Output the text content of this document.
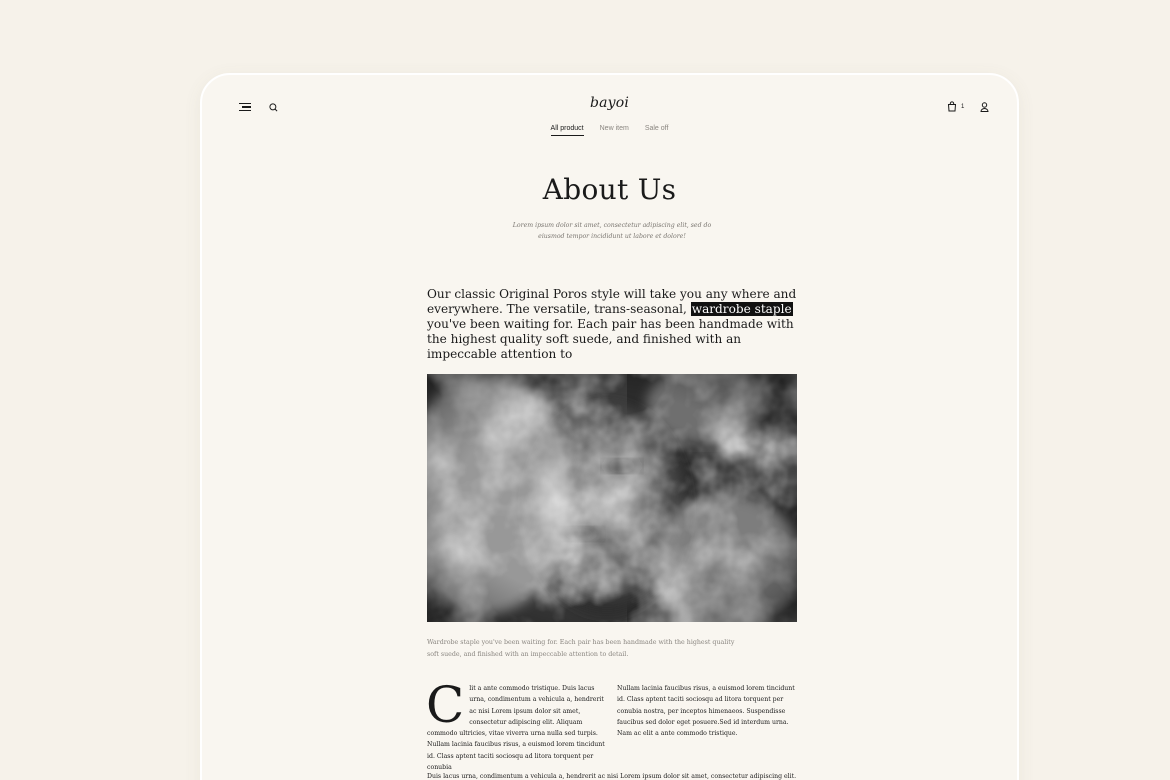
bayoi	1
All product New item Sale off
About Us

Lorem ipsum dolor sit amet, consectetur adipiscing elit, sed do eiusmod tempor incididunt ut labore et dolore!

Our classic Original Poros style will take you any where and everywhere. The versatile, trans-seasonal, wardrobe staple you've been waiting for. Each pair has been handmade with the highest quality soft suede, and finished with an impeccable attention to

Wardrobe staple you've been waiting for. Each pair has been handmade with the highest quality soft suede, and finished with an impeccable attention to detail.

C lit a ante commodo tristique. Duis lacus urna, condimentum a vehicula a, hendrerit ac nisi Lorem ipsum dolor sit amet, consectetur adipiscing elit. Aliquam commodo ultricies, vitae viverra urna nulla sed turpis. Nullam lacinia faucibus risus, a euismod lorem tincidunt id. Class aptent taciti sociosqu ad litora torquent per conubia
Nullam lacinia faucibus risus, a euismod lorem tincidunt id. Class aptent taciti sociosqu ad litora torquent per conubia nostra, per inceptos himenaeos. Suspendisse faucibus sed dolor eget posuere.Sed id interdum urna. Nam ac elit a ante commodo tristique.

Duis lacus urna, condimentum a vehicula a, hendrerit ac nisi Lorem ipsum dolor sit amet, consectetur adipiscing elit.
